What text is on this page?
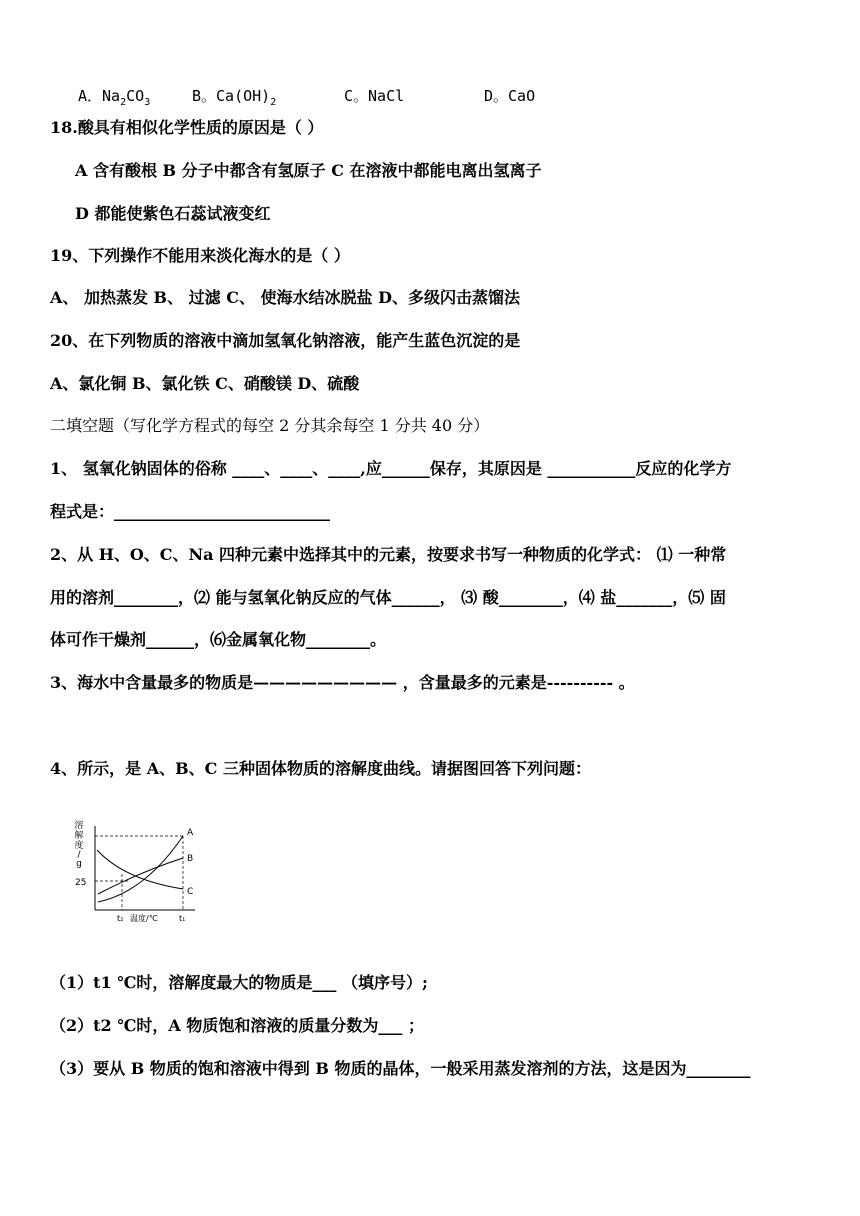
A．$Na_2CO_3$	B。$Ca(OH)_2$	C。NaCl	D。CaO
18.酸具有相似化学性质的原因是（ ）
A 含有酸根 B 分子中都含有氢原子 C 在溶液中都能电离出氢离子
D 都能使紫色石蕊试液变红
19、下列操作不能用来淡化海水的是（ ）
A、 加热蒸发 B、 过滤 C、 使海水结冰脱盐 D、多级闪击蒸馏法
20、在下列物质的溶液中滴加氢氧化钠溶液，能产生蓝色沉淀的是
A、氯化铜 B、氯化铁 C、硝酸镁 D、硫酸
二填空题（写化学方程式的每空 2 分其余每空 1 分共 40 分）
1、 氢氧化钠固体的俗称 ____、____、____,应______保存，其原因是 ___________反应的化学方
程式是：___________________________
2、从 H、O、C、Na 四种元素中选择其中的元素，按要求书写一种物质的化学式： ⑴ 一种常
用的溶剂________，⑵ 能与氢氧化钠反应的气体______， ⑶ 酸________，⑷ 盐_______，⑸ 固
体可作干燥剂______，⑹金属氧化物________。
3、海水中含量最多的物质是————————— ，含量最多的元素是---------- 。
4、所示，是 A、B、C 三种固体物质的溶解度曲线。请据图回答下列问题：
溶
解
度
/
g
A
B
C
25
t₂ 温度/℃	t₁
（1）t1 ℃时，溶解度最大的物质是___ （填序号）;
（2）t2 ℃时，A 物质饱和溶液的质量分数为___ ；
（3）要从 B 物质的饱和溶液中得到 B 物质的晶体，一般采用蒸发溶剂的方法，这是因为________
